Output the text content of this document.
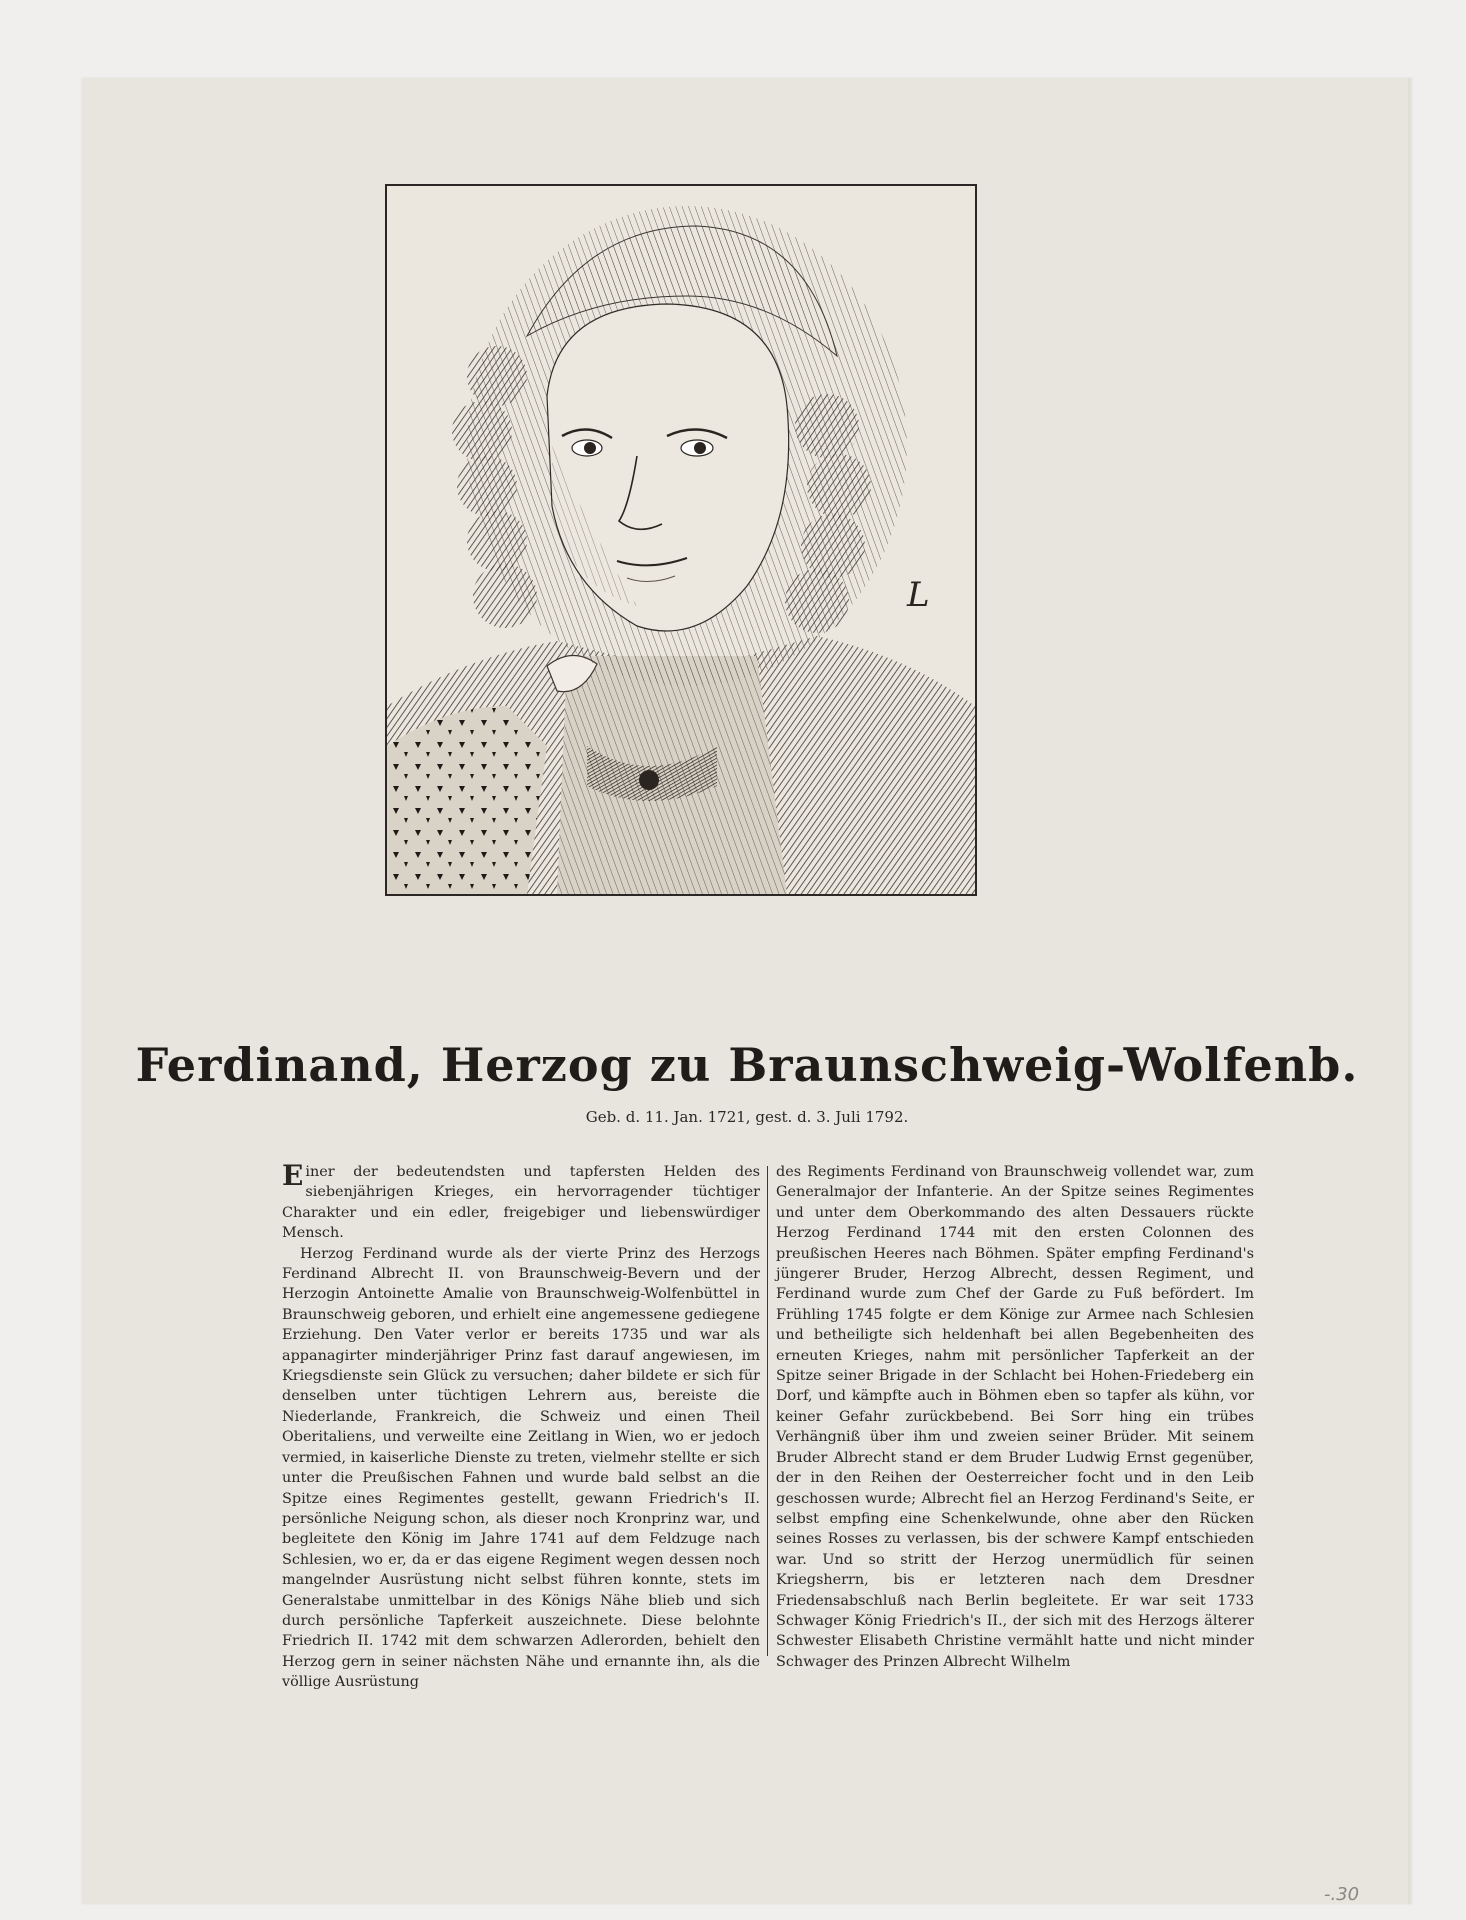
L
Ferdinand, Herzog zu Braunschweig-Wolfenb.
Geb. d. 11. Jan. 1721, gest. d. 3. Juli 1792.

Einer der bedeutendsten und tapfersten Helden des siebenjährigen Krieges, ein hervorragender tüchtiger Charakter und ein edler, freigebiger und liebenswürdiger Mensch.

Herzog Ferdinand wurde als der vierte Prinz des Herzogs Ferdinand Albrecht II. von Braunschweig-Bevern und der Herzogin Antoinette Amalie von Braunschweig-Wolfenbüttel in Braunschweig geboren, und erhielt eine angemessene gediegene Erziehung. Den Vater verlor er bereits 1735 und war als appanagirter minderjähriger Prinz fast darauf angewiesen, im Kriegsdienste sein Glück zu versuchen; daher bildete er sich für denselben unter tüchtigen Lehrern aus, bereiste die Niederlande, Frankreich, die Schweiz und einen Theil Oberitaliens, und verweilte eine Zeitlang in Wien, wo er jedoch vermied, in kaiserliche Dienste zu treten, vielmehr stellte er sich unter die Preußischen Fahnen und wurde bald selbst an die Spitze eines Regimentes gestellt, gewann Friedrich's II. persönliche Neigung schon, als dieser noch Kronprinz war, und begleitete den König im Jahre 1741 auf dem Feldzuge nach Schlesien, wo er, da er das eigene Regiment wegen dessen noch mangelnder Ausrüstung nicht selbst führen konnte, stets im Generalstabe unmittelbar in des Königs Nähe blieb und sich durch persönliche Tapferkeit auszeichnete. Diese belohnte Friedrich II. 1742 mit dem schwarzen Adlerorden, behielt den Herzog gern in seiner nächsten Nähe und ernannte ihn, als die völlige Ausrüstung

des Regiments Ferdinand von Braunschweig vollendet war, zum Generalmajor der Infanterie. An der Spitze seines Regimentes und unter dem Oberkommando des alten Dessauers rückte Herzog Ferdinand 1744 mit den ersten Colonnen des preußischen Heeres nach Böhmen. Später empfing Ferdinand's jüngerer Bruder, Herzog Albrecht, dessen Regiment, und Ferdinand wurde zum Chef der Garde zu Fuß befördert. Im Frühling 1745 folgte er dem Könige zur Armee nach Schlesien und betheiligte sich heldenhaft bei allen Begebenheiten des erneuten Krieges, nahm mit persönlicher Tapferkeit an der Spitze seiner Brigade in der Schlacht bei Hohen-Friedeberg ein Dorf, und kämpfte auch in Böhmen eben so tapfer als kühn, vor keiner Gefahr zurückbebend. Bei Sorr hing ein trübes Verhängniß über ihm und zweien seiner Brüder. Mit seinem Bruder Albrecht stand er dem Bruder Ludwig Ernst gegenüber, der in den Reihen der Oesterreicher focht und in den Leib geschossen wurde; Albrecht fiel an Herzog Ferdinand's Seite, er selbst empfing eine Schenkelwunde, ohne aber den Rücken seines Rosses zu verlassen, bis der schwere Kampf entschieden war. Und so stritt der Herzog unermüdlich für seinen Kriegsherrn, bis er letzteren nach dem Dresdner Friedensabschluß nach Berlin begleitete. Er war seit 1733 Schwager König Friedrich's II., der sich mit des Herzogs älterer Schwester Elisabeth Christine vermählt hatte und nicht minder Schwager des Prinzen Albrecht Wilhelm

-.30
